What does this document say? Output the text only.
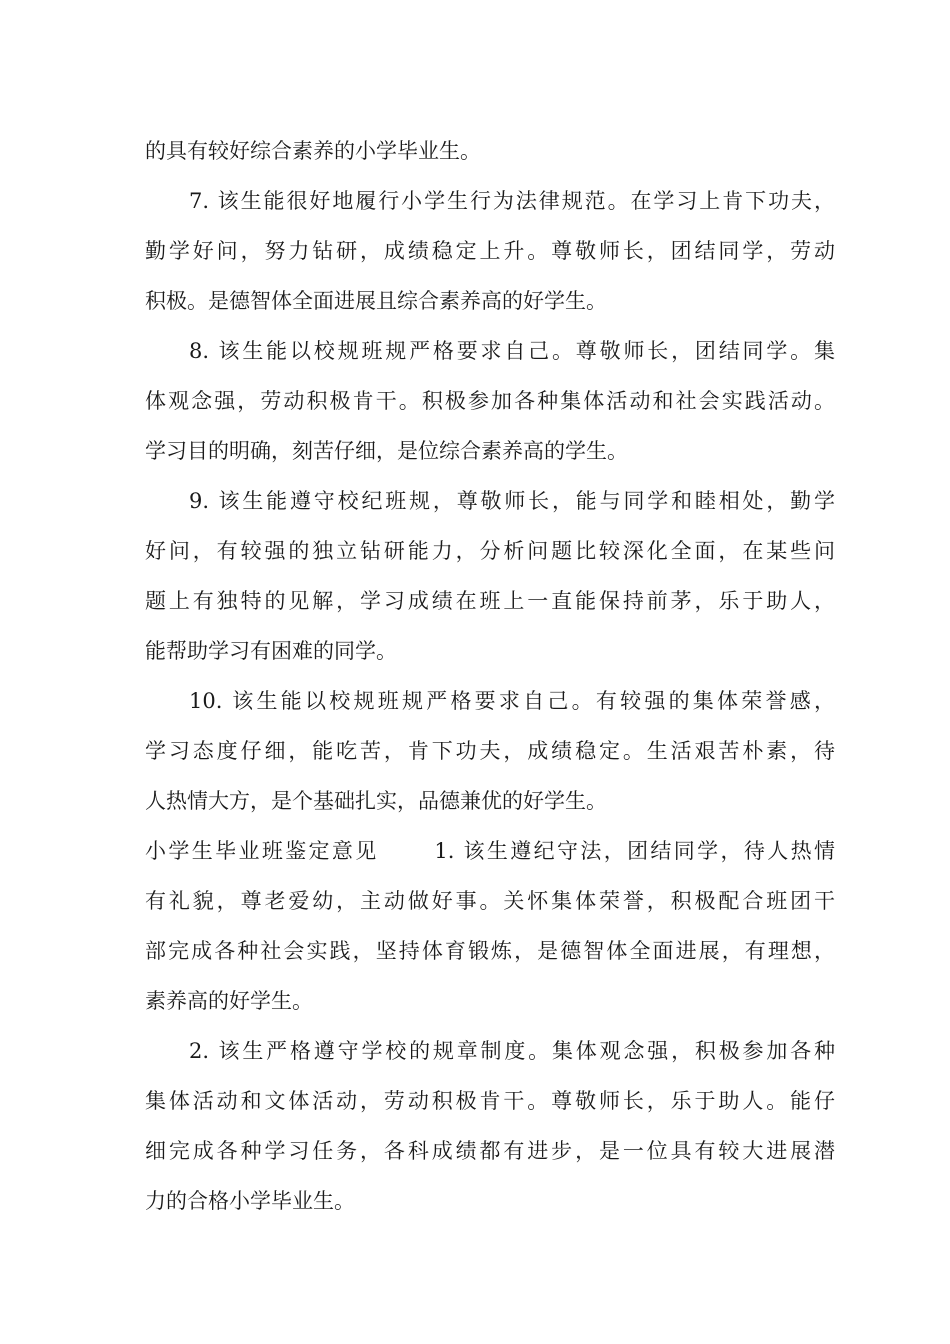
的具有较好综合素养的小学毕业生。
7. 该生能很好地履行小学生行为法律规范。在学习上肯下功夫，
勤学好问，努力钻研，成绩稳定上升。尊敬师长，团结同学，劳动
积极。是德智体全面进展且综合素养高的好学生。
8. 该生能以校规班规严格要求自己。尊敬师长，团结同学。集
体观念强，劳动积极肯干。积极参加各种集体活动和社会实践活动。
学习目的明确，刻苦仔细，是位综合素养高的学生。
9. 该生能遵守校纪班规，尊敬师长，能与同学和睦相处，勤学
好问，有较强的独立钻研能力，分析问题比较深化全面，在某些问
题上有独特的见解，学习成绩在班上一直能保持前茅，乐于助人，
能帮助学习有困难的同学。
10. 该生能以校规班规严格要求自己。有较强的集体荣誉感，
学习态度仔细，能吃苦，肯下功夫，成绩稳定。生活艰苦朴素，待
人热情大方，是个基础扎实，品德兼优的好学生。
小学生毕业班鉴定意见 　　1. 该生遵纪守法，团结同学，待人热情
有礼貌，尊老爱幼，主动做好事。关怀集体荣誉，积极配合班团干
部完成各种社会实践，坚持体育锻炼，是德智体全面进展，有理想，
素养高的好学生。
2. 该生严格遵守学校的规章制度。集体观念强，积极参加各种
集体活动和文体活动，劳动积极肯干。尊敬师长，乐于助人。能仔
细完成各种学习任务，各科成绩都有进步，是一位具有较大进展潜
力的合格小学毕业生。
